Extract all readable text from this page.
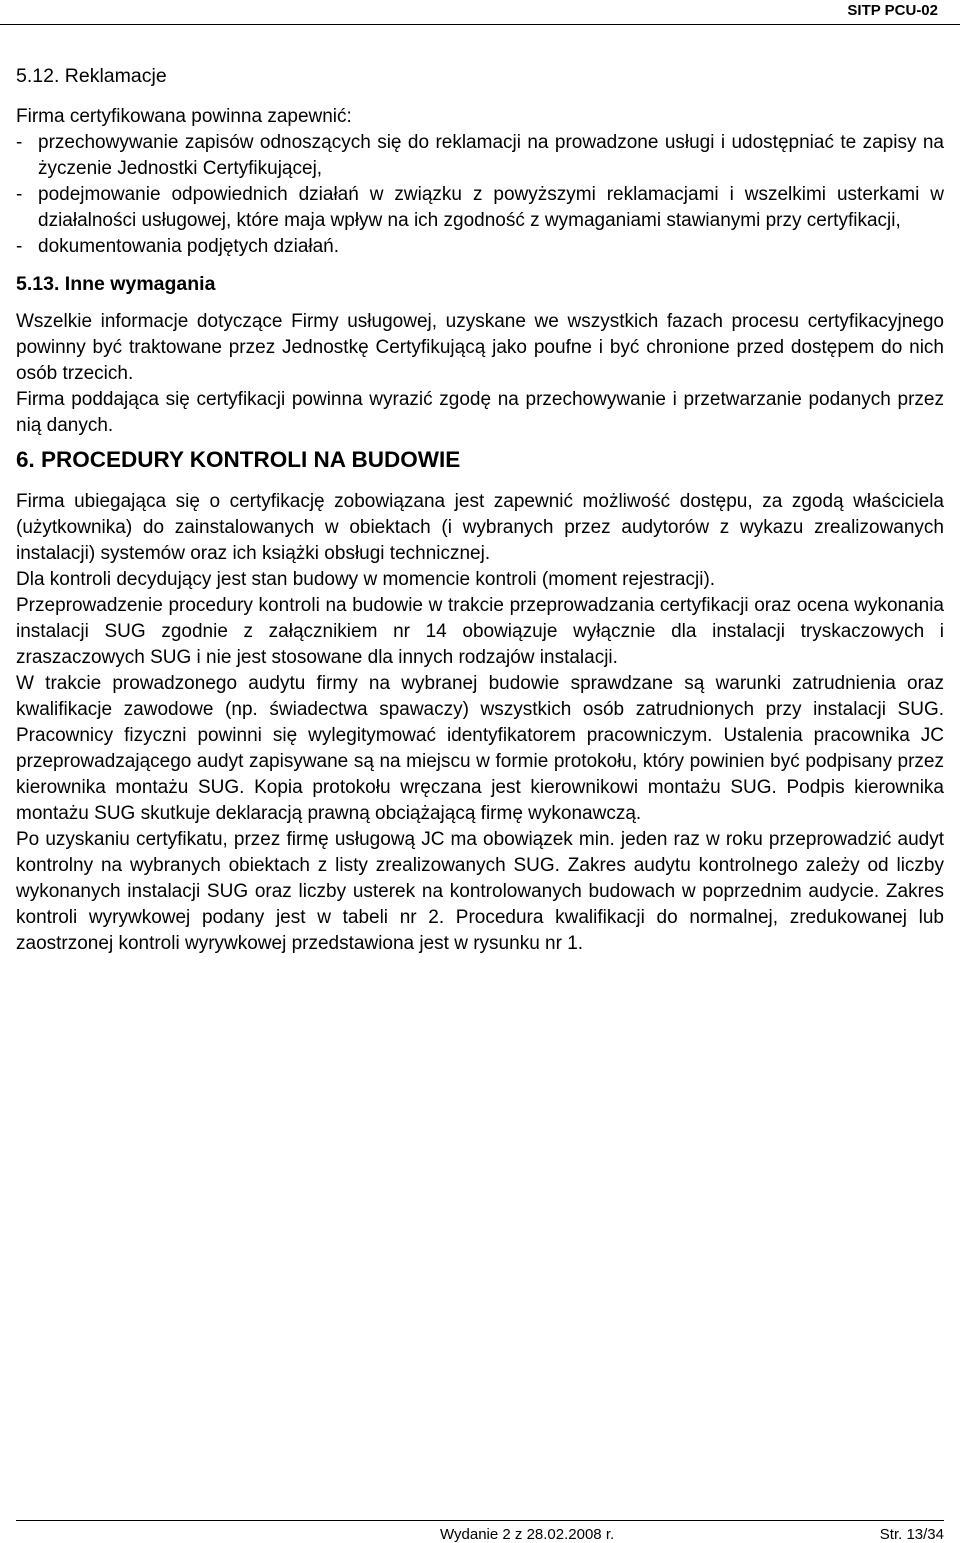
SITP PCU-02
5.12. Reklamacje

Firma certyfikowana powinna zapewnić:

- przechowywanie zapisów odnoszących się do reklamacji na prowadzone usługi i udostępniać te zapisy na życzenie Jednostki Certyfikującej,
- podejmowanie odpowiednich działań w związku z powyższymi reklamacjami i wszelkimi usterkami w działalności usługowej, które maja wpływ na ich zgodność z wymaganiami stawianymi przy certyfikacji,
- dokumentowania podjętych działań.
5.13. Inne wymagania

Wszelkie informacje dotyczące Firmy usługowej, uzyskane we wszystkich fazach procesu certyfikacyjnego powinny być traktowane przez Jednostkę Certyfikującą jako poufne i być chronione przed dostępem do nich osób trzecich.

Firma poddająca się certyfikacji powinna wyrazić zgodę na przechowywanie i przetwarzanie podanych przez nią danych.

6. PROCEDURY KONTROLI NA BUDOWIE

Firma ubiegająca się o certyfikację zobowiązana jest zapewnić możliwość dostępu, za zgodą właściciela (użytkownika) do zainstalowanych w obiektach (i wybranych przez audytorów z wykazu zrealizowanych instalacji) systemów oraz ich książki obsługi technicznej.

Dla kontroli decydujący jest stan budowy w momencie kontroli (moment rejestracji).

Przeprowadzenie procedury kontroli na budowie w trakcie przeprowadzania certyfikacji oraz ocena wykonania instalacji SUG zgodnie z załącznikiem nr 14 obowiązuje wyłącznie dla instalacji tryskaczowych i zraszaczowych SUG i nie jest stosowane dla innych rodzajów instalacji.

W trakcie prowadzonego audytu firmy na wybranej budowie sprawdzane są warunki zatrudnienia oraz kwalifikacje zawodowe (np. świadectwa spawaczy) wszystkich osób zatrudnionych przy instalacji SUG. Pracownicy fizyczni powinni się wylegitymować identyfikatorem pracowniczym. Ustalenia pracownika JC przeprowadzającego audyt zapisywane są na miejscu w formie protokołu, który powinien być podpisany przez kierownika montażu SUG. Kopia protokołu wręczana jest kierownikowi montażu SUG. Podpis kierownika montażu SUG skutkuje deklaracją prawną obciążającą firmę wykonawczą.

Po uzyskaniu certyfikatu, przez firmę usługową JC ma obowiązek min. jeden raz w roku przeprowadzić audyt kontrolny na wybranych obiektach z listy zrealizowanych SUG. Zakres audytu kontrolnego zależy od liczby wykonanych instalacji SUG oraz liczby usterek na kontrolowanych budowach w poprzednim audycie. Zakres kontroli wyrywkowej podany jest w tabeli nr 2. Procedura kwalifikacji do normalnej, zredukowanej lub zaostrzonej kontroli wyrywkowej przedstawiona jest w rysunku nr 1.

Wydanie 2 z 28.02.2008 r.	Str. 13/34
